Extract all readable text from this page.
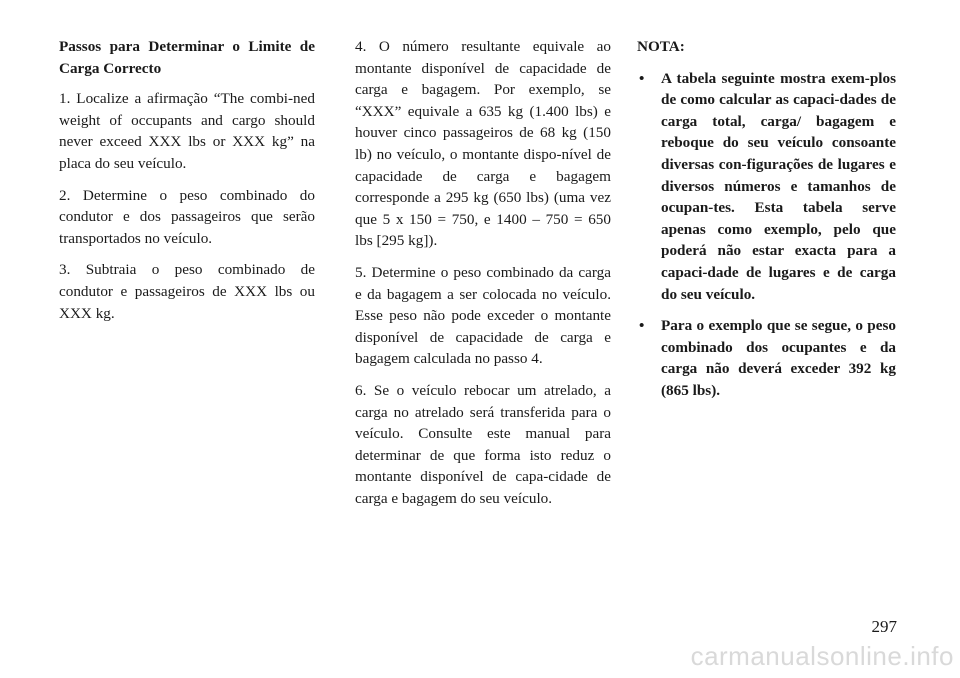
Passos para Determinar o Limite de Carga Correcto

1. Localize a afirmação “The combi-ned weight of occupants and cargo should never exceed XXX lbs or XXX kg” na placa do seu veículo.

2. Determine o peso combinado do condutor e dos passageiros que serão transportados no veículo.

3. Subtraia o peso combinado de condutor e passageiros de XXX lbs ou XXX kg.

4. O número resultante equivale ao montante disponível de capacidade de carga e bagagem. Por exemplo, se “XXX” equivale a 635 kg (1.400 lbs) e houver cinco passageiros de 68 kg (150 lb) no veículo, o montante dispo-nível de capacidade de carga e bagagem corresponde a 295 kg (650 lbs) (uma vez que 5 x 150 = 750, e 1400 – 750 = 650 lbs [295 kg]).

5. Determine o peso combinado da carga e da bagagem a ser colocada no veículo. Esse peso não pode exceder o montante disponível de capacidade de carga e bagagem calculada no passo 4.

6. Se o veículo rebocar um atrelado, a carga no atrelado será transferida para o veículo. Consulte este manual para determinar de que forma isto reduz o montante disponível de capa-cidade de carga e bagagem do seu veículo.

NOTA:

• A tabela seguinte mostra exem-plos de como calcular as capaci-dades de carga total, carga/ bagagem e reboque do seu veículo consoante diversas con-figurações de lugares e diversos números e tamanhos de ocupan-tes. Esta tabela serve apenas como exemplo, pelo que poderá não estar exacta para a capaci-dade de lugares e de carga do seu veículo.
• Para o exemplo que se segue, o peso combinado dos ocupantes e da carga não deverá exceder 392 kg (865 lbs).
297
carmanualsonline.info
